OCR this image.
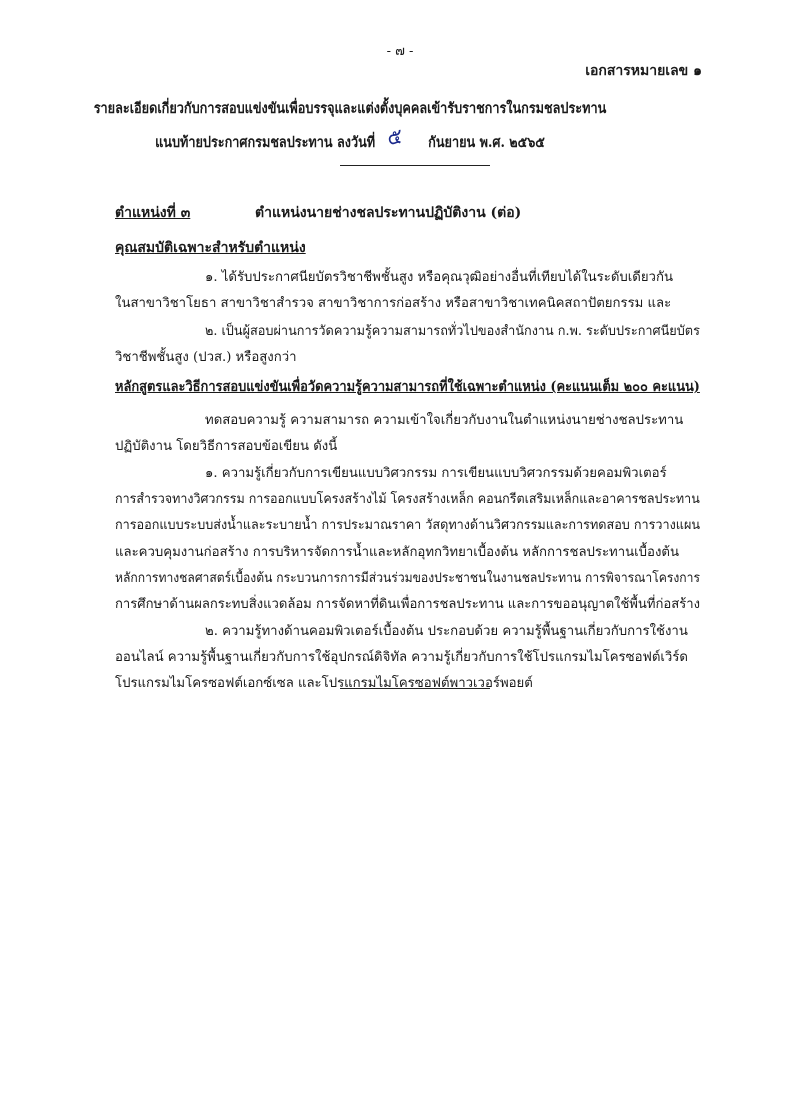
- ๗ -
เอกสารหมายเลข ๑
รายละเอียดเกี่ยวกับการสอบแข่งขันเพื่อบรรจุและแต่งตั้งบุคคลเข้ารับราชการในกรมชลประทาน
แนบท้ายประกาศกรมชลประทาน ลงวันที่ ๕ กันยายน พ.ศ. ๒๕๖๕
ตำแหน่งที่ ๓	ตำแหน่งนายช่างชลประทานปฏิบัติงาน (ต่อ)
คุณสมบัติเฉพาะสำหรับตำแหน่ง
๑. ได้รับประกาศนียบัตรวิชาชีพชั้นสูง หรือคุณวุฒิอย่างอื่นที่เทียบได้ในระดับเดียวกัน
ในสาขาวิชาโยธา สาขาวิชาสำรวจ สาขาวิชาการก่อสร้าง หรือสาขาวิชาเทคนิคสถาปัตยกรรม และ
๒. เป็นผู้สอบผ่านการวัดความรู้ความสามารถทั่วไปของสำนักงาน ก.พ. ระดับประกาศนียบัตร
วิชาชีพชั้นสูง (ปวส.) หรือสูงกว่า
หลักสูตรและวิธีการสอบแข่งขันเพื่อวัดความรู้ความสามารถที่ใช้เฉพาะตำแหน่ง (คะแนนเต็ม ๒๐๐ คะแนน)
ทดสอบความรู้ ความสามารถ ความเข้าใจเกี่ยวกับงานในตำแหน่งนายช่างชลประทาน
ปฏิบัติงาน โดยวิธีการสอบข้อเขียน ดังนี้
๑. ความรู้เกี่ยวกับการเขียนแบบวิศวกรรม การเขียนแบบวิศวกรรมด้วยคอมพิวเตอร์
การสำรวจทางวิศวกรรม การออกแบบโครงสร้างไม้ โครงสร้างเหล็ก คอนกรีตเสริมเหล็กและอาคารชลประทาน
การออกแบบระบบส่งน้ำและระบายน้ำ การประมาณราคา วัสดุทางด้านวิศวกรรมและการทดสอบ การวางแผน
และควบคุมงานก่อสร้าง การบริหารจัดการน้ำและหลักอุทกวิทยาเบื้องต้น หลักการชลประทานเบื้องต้น
หลักการทางชลศาสตร์เบื้องต้น กระบวนการการมีส่วนร่วมของประชาชนในงานชลประทาน การพิจารณาโครงการ
การศึกษาด้านผลกระทบสิ่งแวดล้อม การจัดหาที่ดินเพื่อการชลประทาน และการขออนุญาตใช้พื้นที่ก่อสร้าง
๒. ความรู้ทางด้านคอมพิวเตอร์เบื้องต้น ประกอบด้วย ความรู้พื้นฐานเกี่ยวกับการใช้งาน
ออนไลน์ ความรู้พื้นฐานเกี่ยวกับการใช้อุปกรณ์ดิจิทัล ความรู้เกี่ยวกับการใช้โปรแกรมไมโครซอฟต์เวิร์ด
โปรแกรมไมโครซอฟต์เอกซ์เซล และโปรแกรมไมโครซอฟต์พาวเวอร์พอยต์
